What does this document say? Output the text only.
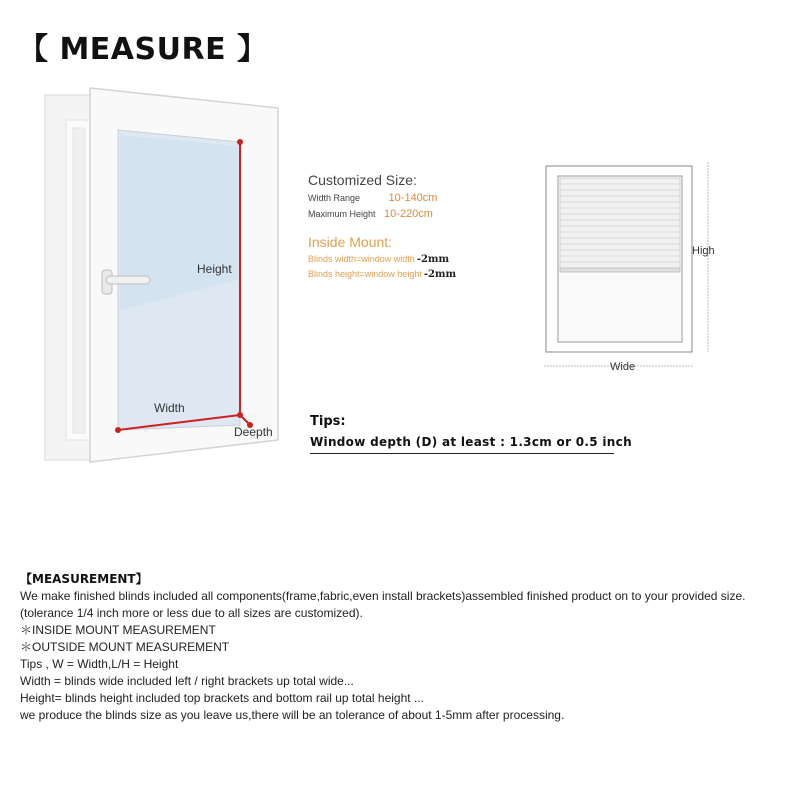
【 MEASURE 】
Height
Width
Deepth
Customized Size:
Width Range	10-140cm
Maximum Height 10-220cm
Inside Mount:
Blinds width=window width -2mm
Blinds height=window height -2mm
High
Wide
Tips:
Window depth (D) at least : 1.3cm or 0.5 inch

【MEASUREMENT】

We make finished blinds included all components(frame,fabric,even install brackets)assembled finished product on to your provided size.(tolerance 1/4 inch more or less due to all sizes are customized).

＊INSIDE MOUNT MEASUREMENT

＊OUTSIDE MOUNT MEASUREMENT

Tips , W = Width,L/H = Height

Width = blinds wide included left / right brackets up total wide...

Height= blinds height included top brackets and bottom rail up total height ...

we produce the blinds size as you leave us,there will be an tolerance of about 1-5mm after processing.
